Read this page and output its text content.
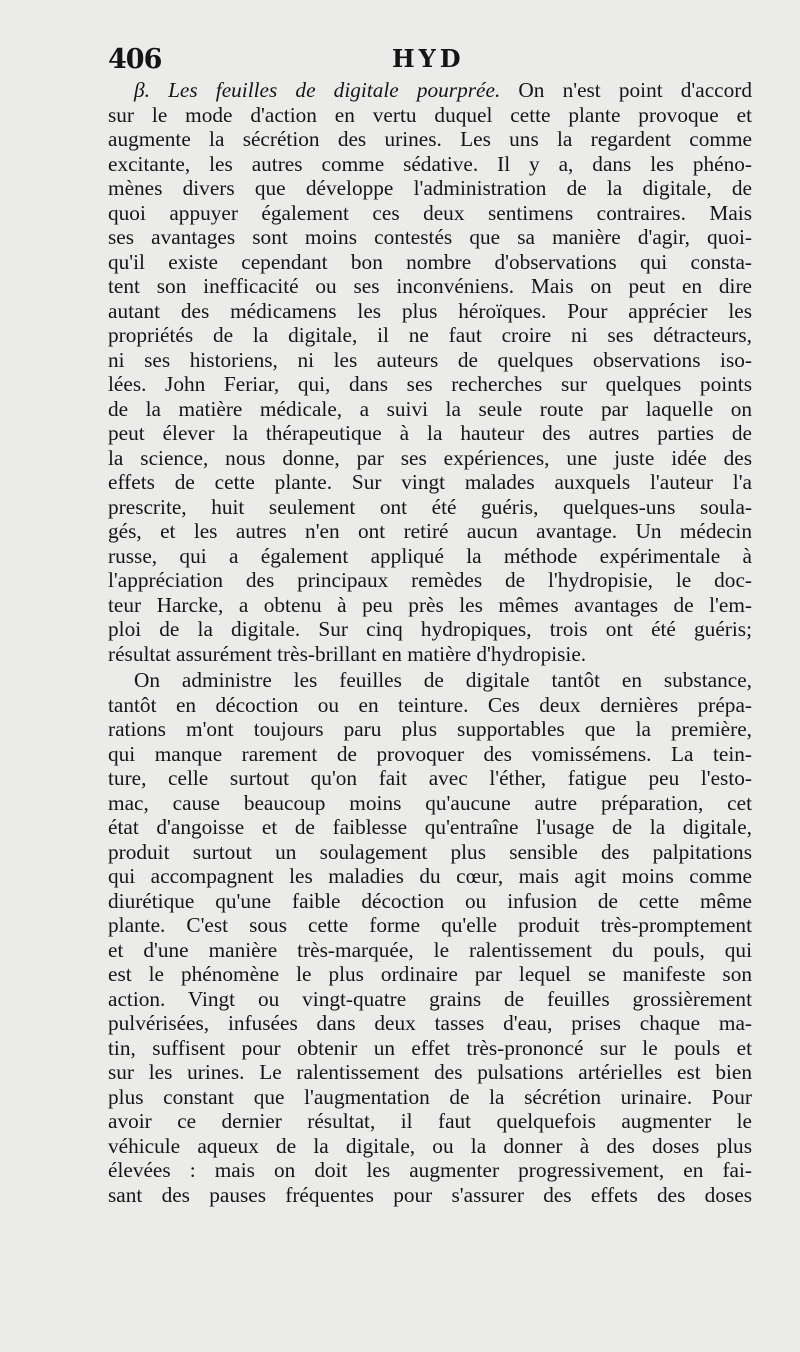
406	HYD
β. Les feuilles de digitale pourprée. On n'est point d'accord
sur le mode d'action en vertu duquel cette plante provoque et
augmente la sécrétion des urines. Les uns la regardent comme
excitante, les autres comme sédative. Il y a, dans les phéno-
mènes divers que développe l'administration de la digitale, de
quoi appuyer également ces deux sentimens contraires. Mais
ses avantages sont moins contestés que sa manière d'agir, quoi-
qu'il existe cependant bon nombre d'observations qui consta-
tent son inefficacité ou ses inconvéniens. Mais on peut en dire
autant des médicamens les plus héroïques. Pour apprécier les
propriétés de la digitale, il ne faut croire ni ses détracteurs,
ni ses historiens, ni les auteurs de quelques observations iso-
lées. John Feriar, qui, dans ses recherches sur quelques points
de la matière médicale, a suivi la seule route par laquelle on
peut élever la thérapeutique à la hauteur des autres parties de
la science, nous donne, par ses expériences, une juste idée des
effets de cette plante. Sur vingt malades auxquels l'auteur l'a
prescrite, huit seulement ont été guéris, quelques-uns soula-
gés, et les autres n'en ont retiré aucun avantage. Un médecin
russe, qui a également appliqué la méthode expérimentale à
l'appréciation des principaux remèdes de l'hydropisie, le doc-
teur Harcke, a obtenu à peu près les mêmes avantages de l'em-
ploi de la digitale. Sur cinq hydropiques, trois ont été guéris;
résultat assurément très-brillant en matière d'hydropisie.
On administre les feuilles de digitale tantôt en substance,
tantôt en décoction ou en teinture. Ces deux dernières prépa-
rations m'ont toujours paru plus supportables que la première,
qui manque rarement de provoquer des vomissémens. La tein-
ture, celle surtout qu'on fait avec l'éther, fatigue peu l'esto-
mac, cause beaucoup moins qu'aucune autre préparation, cet
état d'angoisse et de faiblesse qu'entraîne l'usage de la digitale,
produit surtout un soulagement plus sensible des palpitations
qui accompagnent les maladies du cœur, mais agit moins comme
diurétique qu'une faible décoction ou infusion de cette même
plante. C'est sous cette forme qu'elle produit très-promptement
et d'une manière très-marquée, le ralentissement du pouls, qui
est le phénomène le plus ordinaire par lequel se manifeste son
action. Vingt ou vingt-quatre grains de feuilles grossièrement
pulvérisées, infusées dans deux tasses d'eau, prises chaque ma-
tin, suffisent pour obtenir un effet très-prononcé sur le pouls et
sur les urines. Le ralentissement des pulsations artérielles est bien
plus constant que l'augmentation de la sécrétion urinaire. Pour
avoir ce dernier résultat, il faut quelquefois augmenter le
véhicule aqueux de la digitale, ou la donner à des doses plus
élevées : mais on doit les augmenter progressivement, en fai-
sant des pauses fréquentes pour s'assurer des effets des doses
